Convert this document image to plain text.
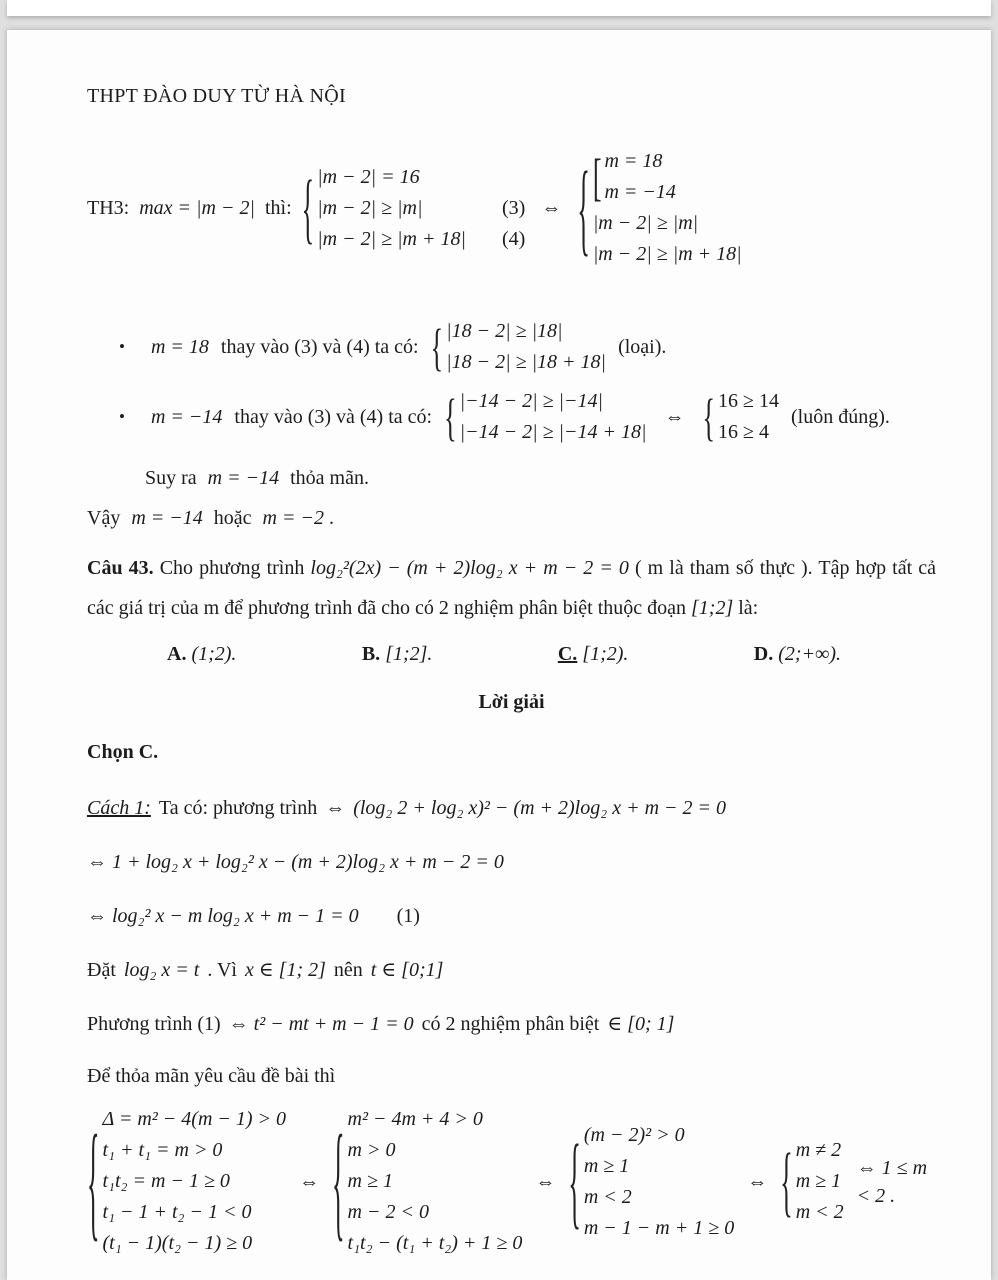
THPT ĐÀO DUY TỪ HÀ NỘI
TH3: max = |m − 2| thì: { |m − 2| = 16
|m − 2| ≥ |m|
|m − 2| ≥ |m + 18|

(3)
(4)
⇔ { [ m = 18
m = −14
|m − 2| ≥ |m|
|m − 2| ≥ |m + 18|
• m = 18 thay vào (3) và (4) ta có: { |18 − 2| ≥ |18|
|18 − 2| ≥ |18 + 18|
(loại).
• m = −14 thay vào (3) và (4) ta có: { |−14 − 2| ≥ |−14|
|−14 − 2| ≥ |−14 + 18|
⇔ { 16 ≥ 14
16 ≥ 4
(luôn đúng).
Suy ra m = −14 thỏa mãn.
Vậy m = −14 hoặc m = −2 .
Câu 43. Cho phương trình log₂²(2x) − (m + 2)log₂ x + m − 2 = 0 ( m là tham số thực ). Tập hợp tất cả các giá trị của m để phương trình đã cho có 2 nghiệm phân biệt thuộc đoạn [1;2] là:
A. (1;2).	B. [1;2].	C. [1;2).	D. (2;+∞).
Lời giải
Chọn C.
Cách 1: Ta có: phương trình ⇔ (log₂ 2 + log₂ x)² − (m + 2)log₂ x + m − 2 = 0
⇔ 1 + log₂ x + log₂² x − (m + 2)log₂ x + m − 2 = 0
⇔ log₂² x − m log₂ x + m − 1 = 0 (1)
Đặt log₂ x = t . Vì x ∈ [1; 2] nên t ∈ [0;1]
Phương trình (1) ⇔ t² − mt + m − 1 = 0 có 2 nghiệm phân biệt ∈ [0; 1]
Để thỏa mãn yêu cầu đề bài thì
{ Δ = m² − 4(m − 1) > 0
t₁ + t₁ = m > 0
t₁t₂ = m − 1 ≥ 0
t₁ − 1 + t₂ − 1 < 0
(t₁ − 1)(t₂ − 1) ≥ 0
⇔ { m² − 4m + 4 > 0
m > 0
m ≥ 1
m − 2 < 0
t₁t₂ − (t₁ + t₂) + 1 ≥ 0
⇔ { (m − 2)² > 0
m ≥ 1
m < 2
m − 1 − m + 1 ≥ 0
⇔ { m ≠ 2
m ≥ 1
m < 2
⇔ 1 ≤ m < 2 .
